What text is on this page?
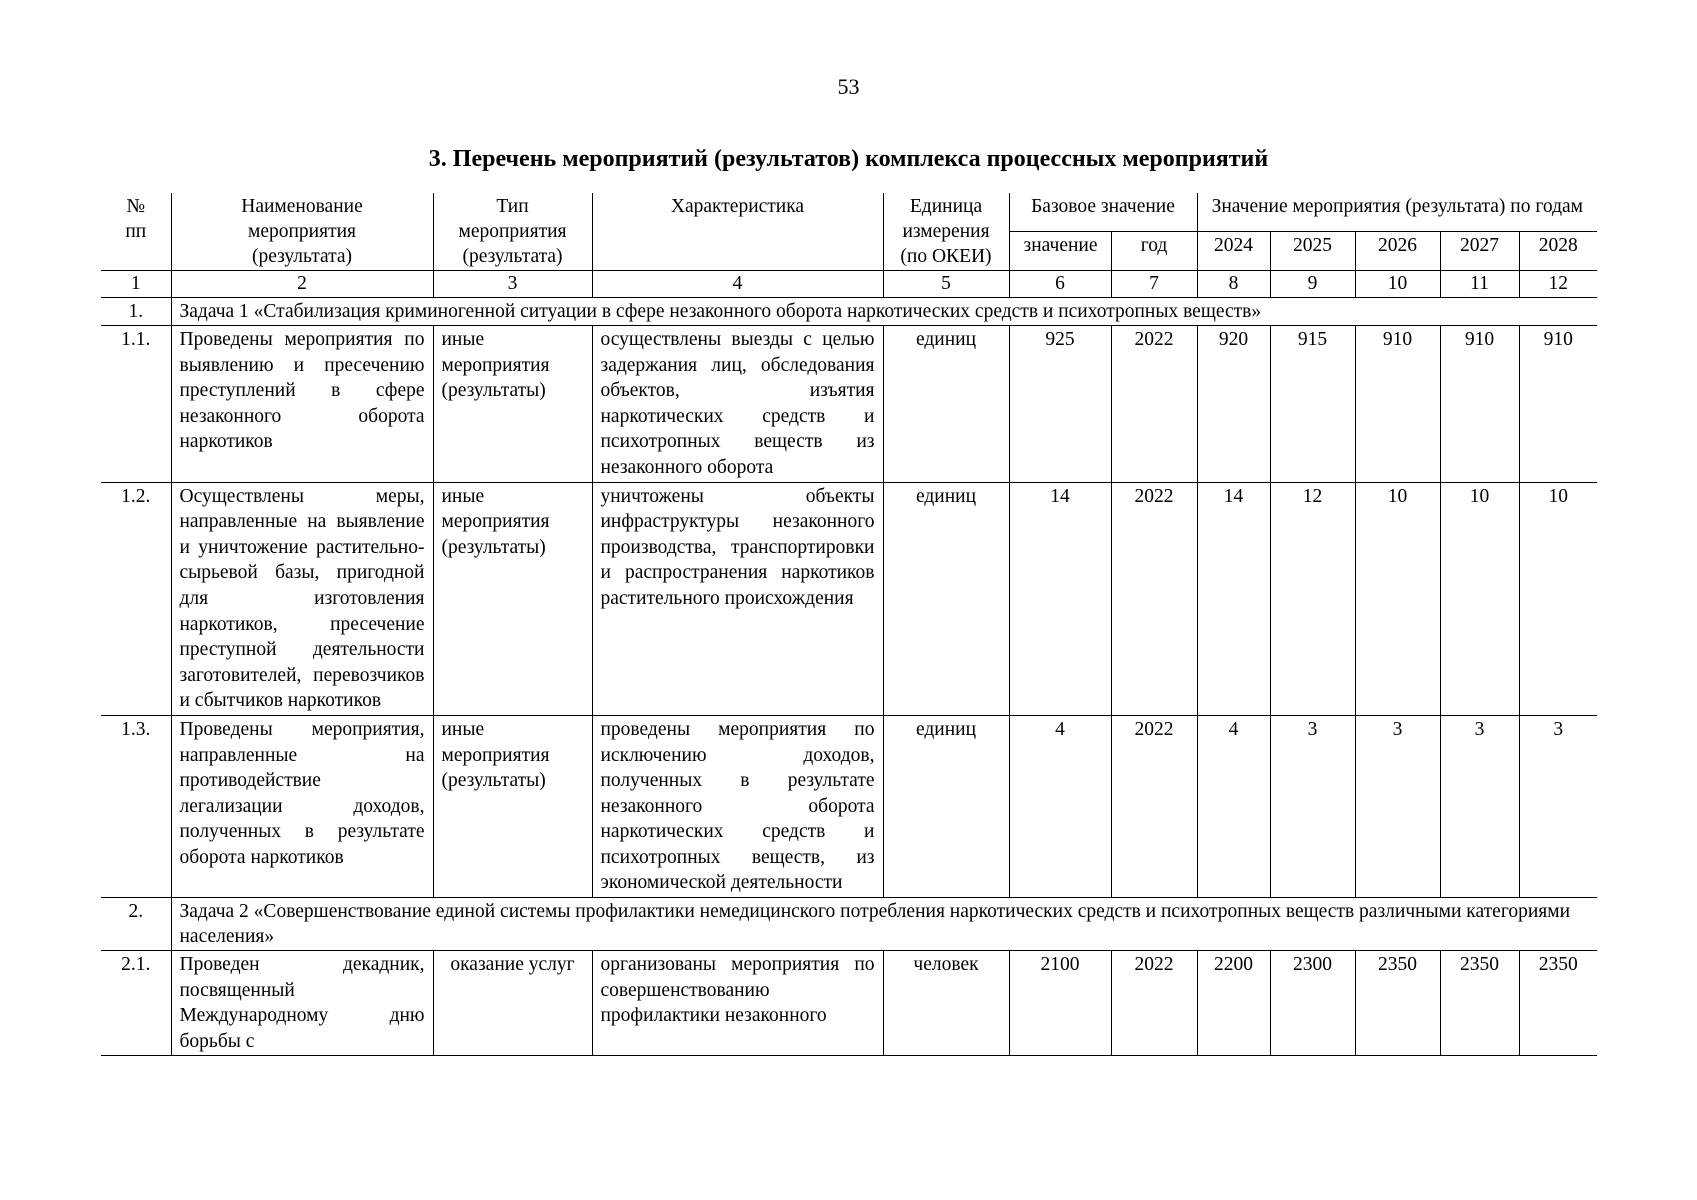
53
3. Перечень мероприятий (результатов) комплекса процессных мероприятий
№ пп	Наименование мероприятия (результата)	Тип мероприятия (результата)	Характеристика	Единица измерения (по ОКЕИ)	Базовое значение		Значение мероприятия (результата) по годам				
					значение	год	2024	2025	2026	2027	2028
1	2	3	4	5	6	7	8	9	10	11	12
1.	Задача 1 «Стабилизация криминогенной ситуации в сфере незаконного оборота наркотических средств и психотропных веществ»										
1.1.	Проведены мероприятия по выявлению и пресечению преступлений в сфере незаконного оборота наркотиков	иные мероприятия (результаты)	осуществлены выезды с целью задержания лиц, обследования объектов, изъятия наркотических средств и психотропных веществ из незаконного оборота	единиц	925	2022	920	915	910	910	910
1.2.	Осуществлены меры, направленные на выявление и уничтожение растительно-сырьевой базы, пригодной для изготовления наркотиков, пресечение преступной деятельности заготовителей, перевозчиков и сбытчиков наркотиков	иные мероприятия (результаты)	уничтожены объекты инфраструктуры незаконного производства, транспортировки и распространения наркотиков растительного происхождения	единиц	14	2022	14	12	10	10	10
1.3.	Проведены мероприятия, направленные на противодействие легализации доходов, полученных в результате оборота наркотиков	иные мероприятия (результаты)	проведены мероприятия по исключению доходов, полученных в результате незаконного оборота наркотических средств и психотропных веществ, из экономической деятельности	единиц	4	2022	4	3	3	3	3
2.	Задача 2 «Совершенствование единой системы профилактики немедицинского потребления наркотических средств и психотропных веществ различными категориями населения»										
2.1.	Проведен декадник, посвященный Международному дню борьбы с	оказание услуг	организованы мероприятия по совершенствованию профилактики незаконного	человек	2100	2022	2200	2300	2350	2350	2350
